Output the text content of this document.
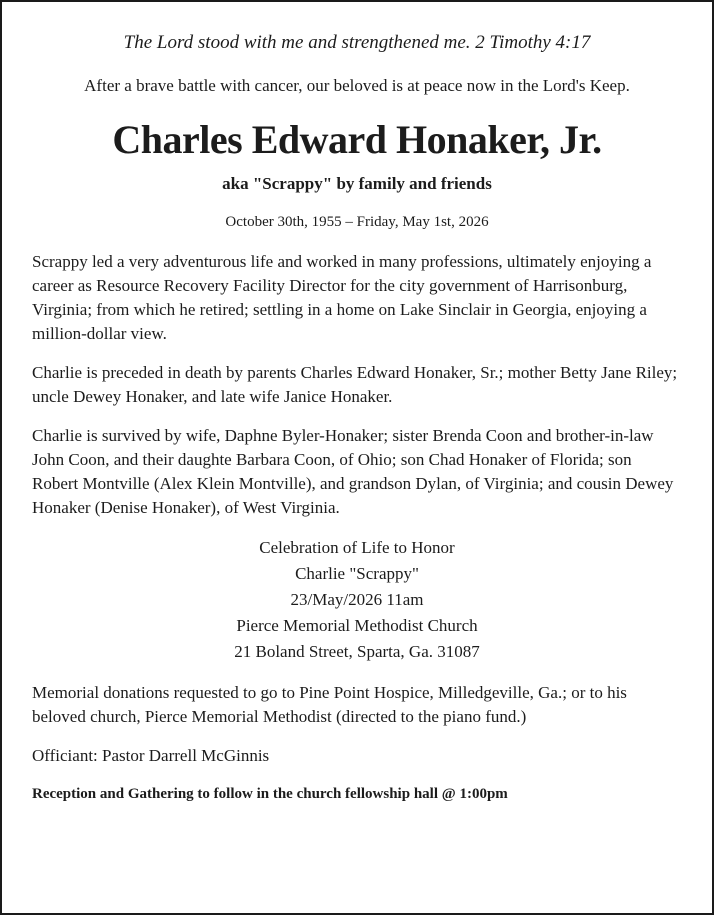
The Lord stood with me and strengthened me. 2 Timothy 4:17

After a brave battle with cancer, our beloved is at peace now in the Lord's Keep.

Charles Edward Honaker, Jr.

aka "Scrappy" by family and friends

October 30th, 1955 – Friday, May 1st, 2026

Scrappy led a very adventurous life and worked in many professions, ultimately enjoying a career as Resource Recovery Facility Director for the city government of Harrisonburg, Virginia; from which he retired; settling in a home on Lake Sinclair in Georgia, enjoying a million-dollar view.

Charlie is preceded in death by parents Charles Edward Honaker, Sr.; mother Betty Jane Riley; uncle Dewey Honaker, and late wife Janice Honaker.

Charlie is survived by wife, Daphne Byler-Honaker; sister Brenda Coon and brother-in-law John Coon, and their daughte Barbara Coon, of Ohio; son Chad Honaker of Florida; son Robert Montville (Alex Klein Montville), and grandson Dylan, of Virginia; and cousin Dewey Honaker (Denise Honaker), of West Virginia.

Celebration of Life to Honor
Charlie "Scrappy"
23/May/2026 11am
Pierce Memorial Methodist Church
21 Boland Street, Sparta, Ga. 31087

Memorial donations requested to go to Pine Point Hospice, Milledgeville, Ga.; or to his beloved church, Pierce Memorial Methodist (directed to the piano fund.)

Officiant: Pastor Darrell McGinnis

Reception and Gathering to follow in the church fellowship hall @ 1:00pm
